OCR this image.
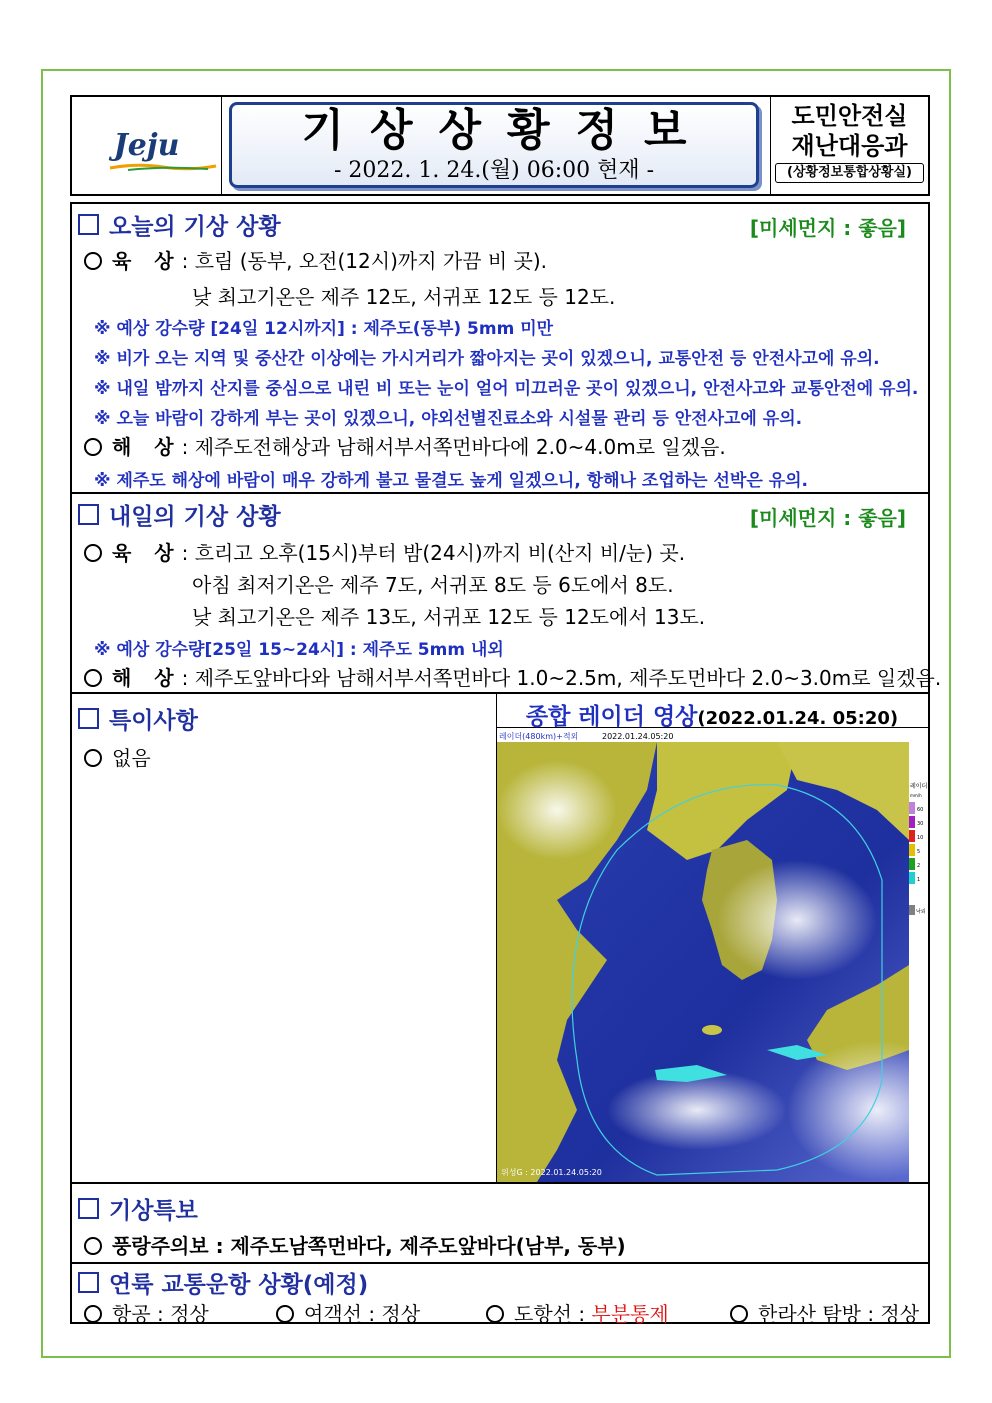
Jeju	기상상황정보
- 2022. 1. 24.(월) 06:00 현재 -
도민안전실
재난대응과
(상황정보통합상황실)
오늘의 기상 상황	[미세먼지 : 좋음]
육 상: 흐림 (동부, 오전(12시)까지 가끔 비 곳).
낮 최고기온은 제주 12도, 서귀포 12도 등 12도.
※ 예상 강수량 [24일 12시까지] : 제주도(동부) 5mm 미만
※ 비가 오는 지역 및 중산간 이상에는 가시거리가 짧아지는 곳이 있겠으니, 교통안전 등 안전사고에 유의.
※ 내일 밤까지 산지를 중심으로 내린 비 또는 눈이 얼어 미끄러운 곳이 있겠으니, 안전사고와 교통안전에 유의.
※ 오늘 바람이 강하게 부는 곳이 있겠으니, 야외선별진료소와 시설물 관리 등 안전사고에 유의.
해 상: 제주도전해상과 남해서부서쪽먼바다에 2.0~4.0m로 일겠음.
※ 제주도 해상에 바람이 매우 강하게 불고 물결도 높게 일겠으니, 항해나 조업하는 선박은 유의.
내일의 기상 상황	[미세먼지 : 좋음]
육 상: 흐리고 오후(15시)부터 밤(24시)까지 비(산지 비/눈) 곳.
아침 최저기온은 제주 7도, 서귀포 8도 등 6도에서 8도.
낮 최고기온은 제주 13도, 서귀포 12도 등 12도에서 13도.
※ 예상 강수량[25일 15~24시] : 제주도 5mm 내외
해 상: 제주도앞바다와 남해서부서쪽먼바다 1.0~2.5m, 제주도먼바다 2.0~3.0m로 일겠음.
특이사항
없음
종합 레이더 영상(2022.01.24. 05:20)
레이더
mm/h
60
30
10
5
2
1
낙뢰
레이더(480km)+적외	2022.01.24.05:20
위성G : 2022.01.24.05:20
기상특보
풍랑주의보 : 제주도남쪽먼바다, 제주도앞바다(남부, 동부)
연륙 교통운항 상황(예정)
항공 : 정상	여객선 : 정상	도항선 : 부분통제	한라산 탐방 : 정상
